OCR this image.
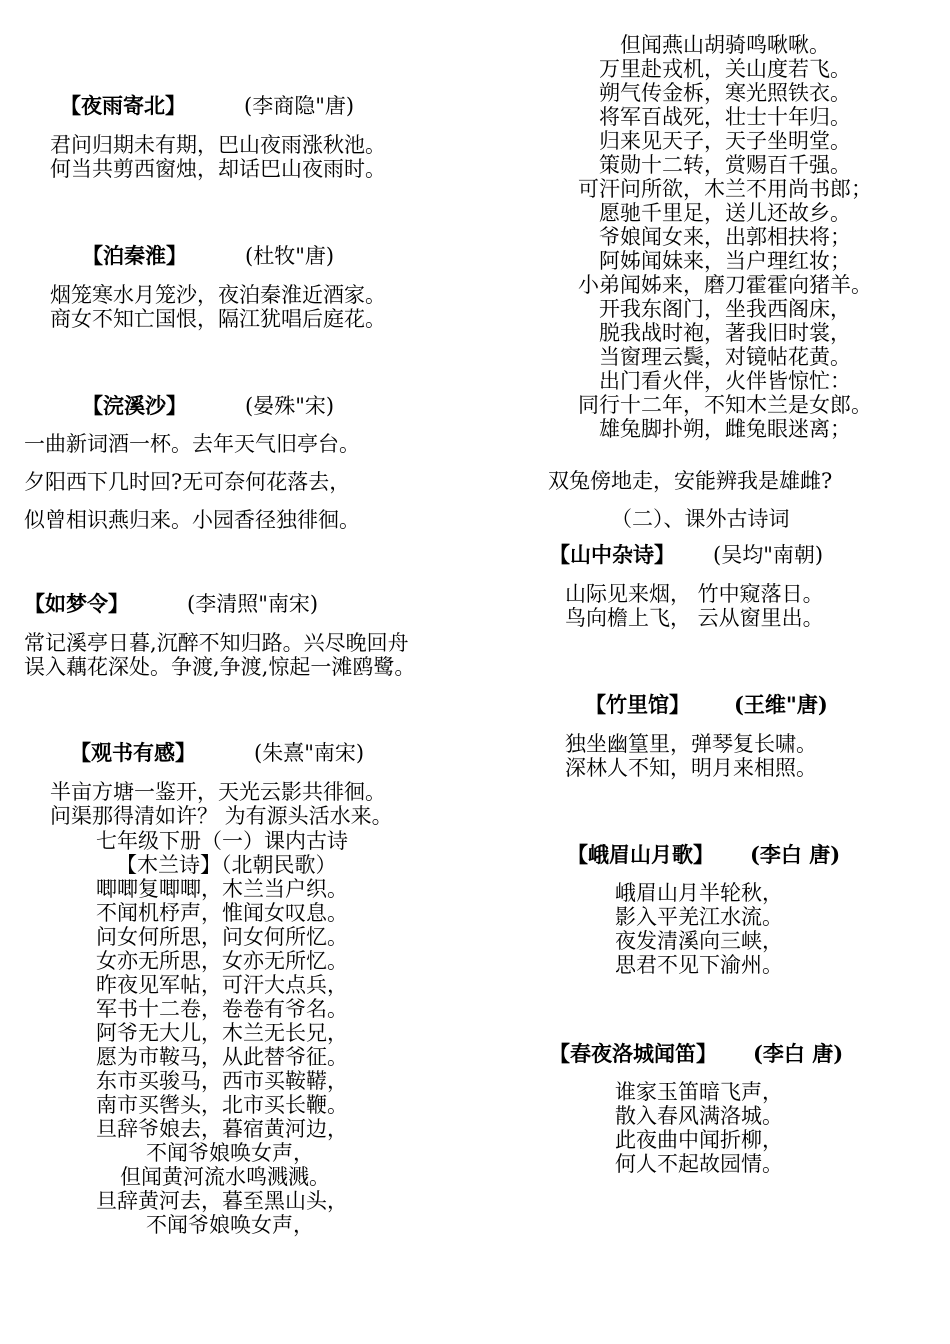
【夜雨寄北】	(李商隐"唐)
君问归期未有期，巴山夜雨涨秋池。
何当共剪西窗烛，却话巴山夜雨时。
【泊秦淮】	(杜牧"唐)
烟笼寒水月笼沙，夜泊秦淮近酒家。
商女不知亡国恨，隔江犹唱后庭花。
【浣溪沙】	(晏殊"宋)
一曲新词酒一杯。去年天气旧亭台。
夕阳西下几时回?无可奈何花落去，
似曾相识燕归来。小园香径独徘徊。
【如梦令】	(李清照"南宋)
常记溪亭日暮,沉醉不知归路。兴尽晚回舟
误入藕花深处。争渡,争渡,惊起一滩鸥鹭。
【观书有感】	(朱熹"南宋)
半亩方塘一鉴开，天光云影共徘徊。
问渠那得清如许？ 为有源头活水来。
七年级下册（一）课内古诗
【木兰诗】（北朝民歌）
唧唧复唧唧，木兰当户织。
不闻机杼声，惟闻女叹息。
问女何所思，问女何所忆。
女亦无所思，女亦无所忆。
昨夜见军帖，可汗大点兵，
军书十二卷，卷卷有爷名。
阿爷无大儿，木兰无长兄，
愿为市鞍马，从此替爷征。
东市买骏马，西市买鞍鞯，
南市买辔头，北市买长鞭。
旦辞爷娘去，暮宿黄河边，
不闻爷娘唤女声，
但闻黄河流水鸣溅溅。
旦辞黄河去，暮至黑山头，
不闻爷娘唤女声，
但闻燕山胡骑鸣啾啾。
万里赴戎机，关山度若飞。
朔气传金柝，寒光照铁衣。
将军百战死，壮士十年归。
归来见天子，天子坐明堂。
策勋十二转，赏赐百千强。
可汗问所欲，木兰不用尚书郎；
愿驰千里足，送儿还故乡。
爷娘闻女来，出郭相扶将；
阿姊闻妹来，当户理红妆；
小弟闻姊来，磨刀霍霍向猪羊。
开我东阁门，坐我西阁床，
脱我战时袍，著我旧时裳，
当窗理云鬓，对镜帖花黄。
出门看火伴，火伴皆惊忙：
同行十二年，不知木兰是女郎。
雄兔脚扑朔，雌兔眼迷离；
双兔傍地走，安能辨我是雄雌?
（二）、课外古诗词
【山中杂诗】 (吴均"南朝)
山际见来烟， 竹中窥落日。
鸟向檐上飞， 云从窗里出。
【竹里馆】 (王维"唐)
独坐幽篁里，弹琴复长啸。
深林人不知，明月来相照。
【峨眉山月歌】 (李白 唐)
峨眉山月半轮秋，
影入平羌江水流。
夜发清溪向三峡，
思君不见下渝州。
【春夜洛城闻笛】 (李白 唐)
谁家玉笛暗飞声，
散入春风满洛城。
此夜曲中闻折柳，
何人不起故园情。
